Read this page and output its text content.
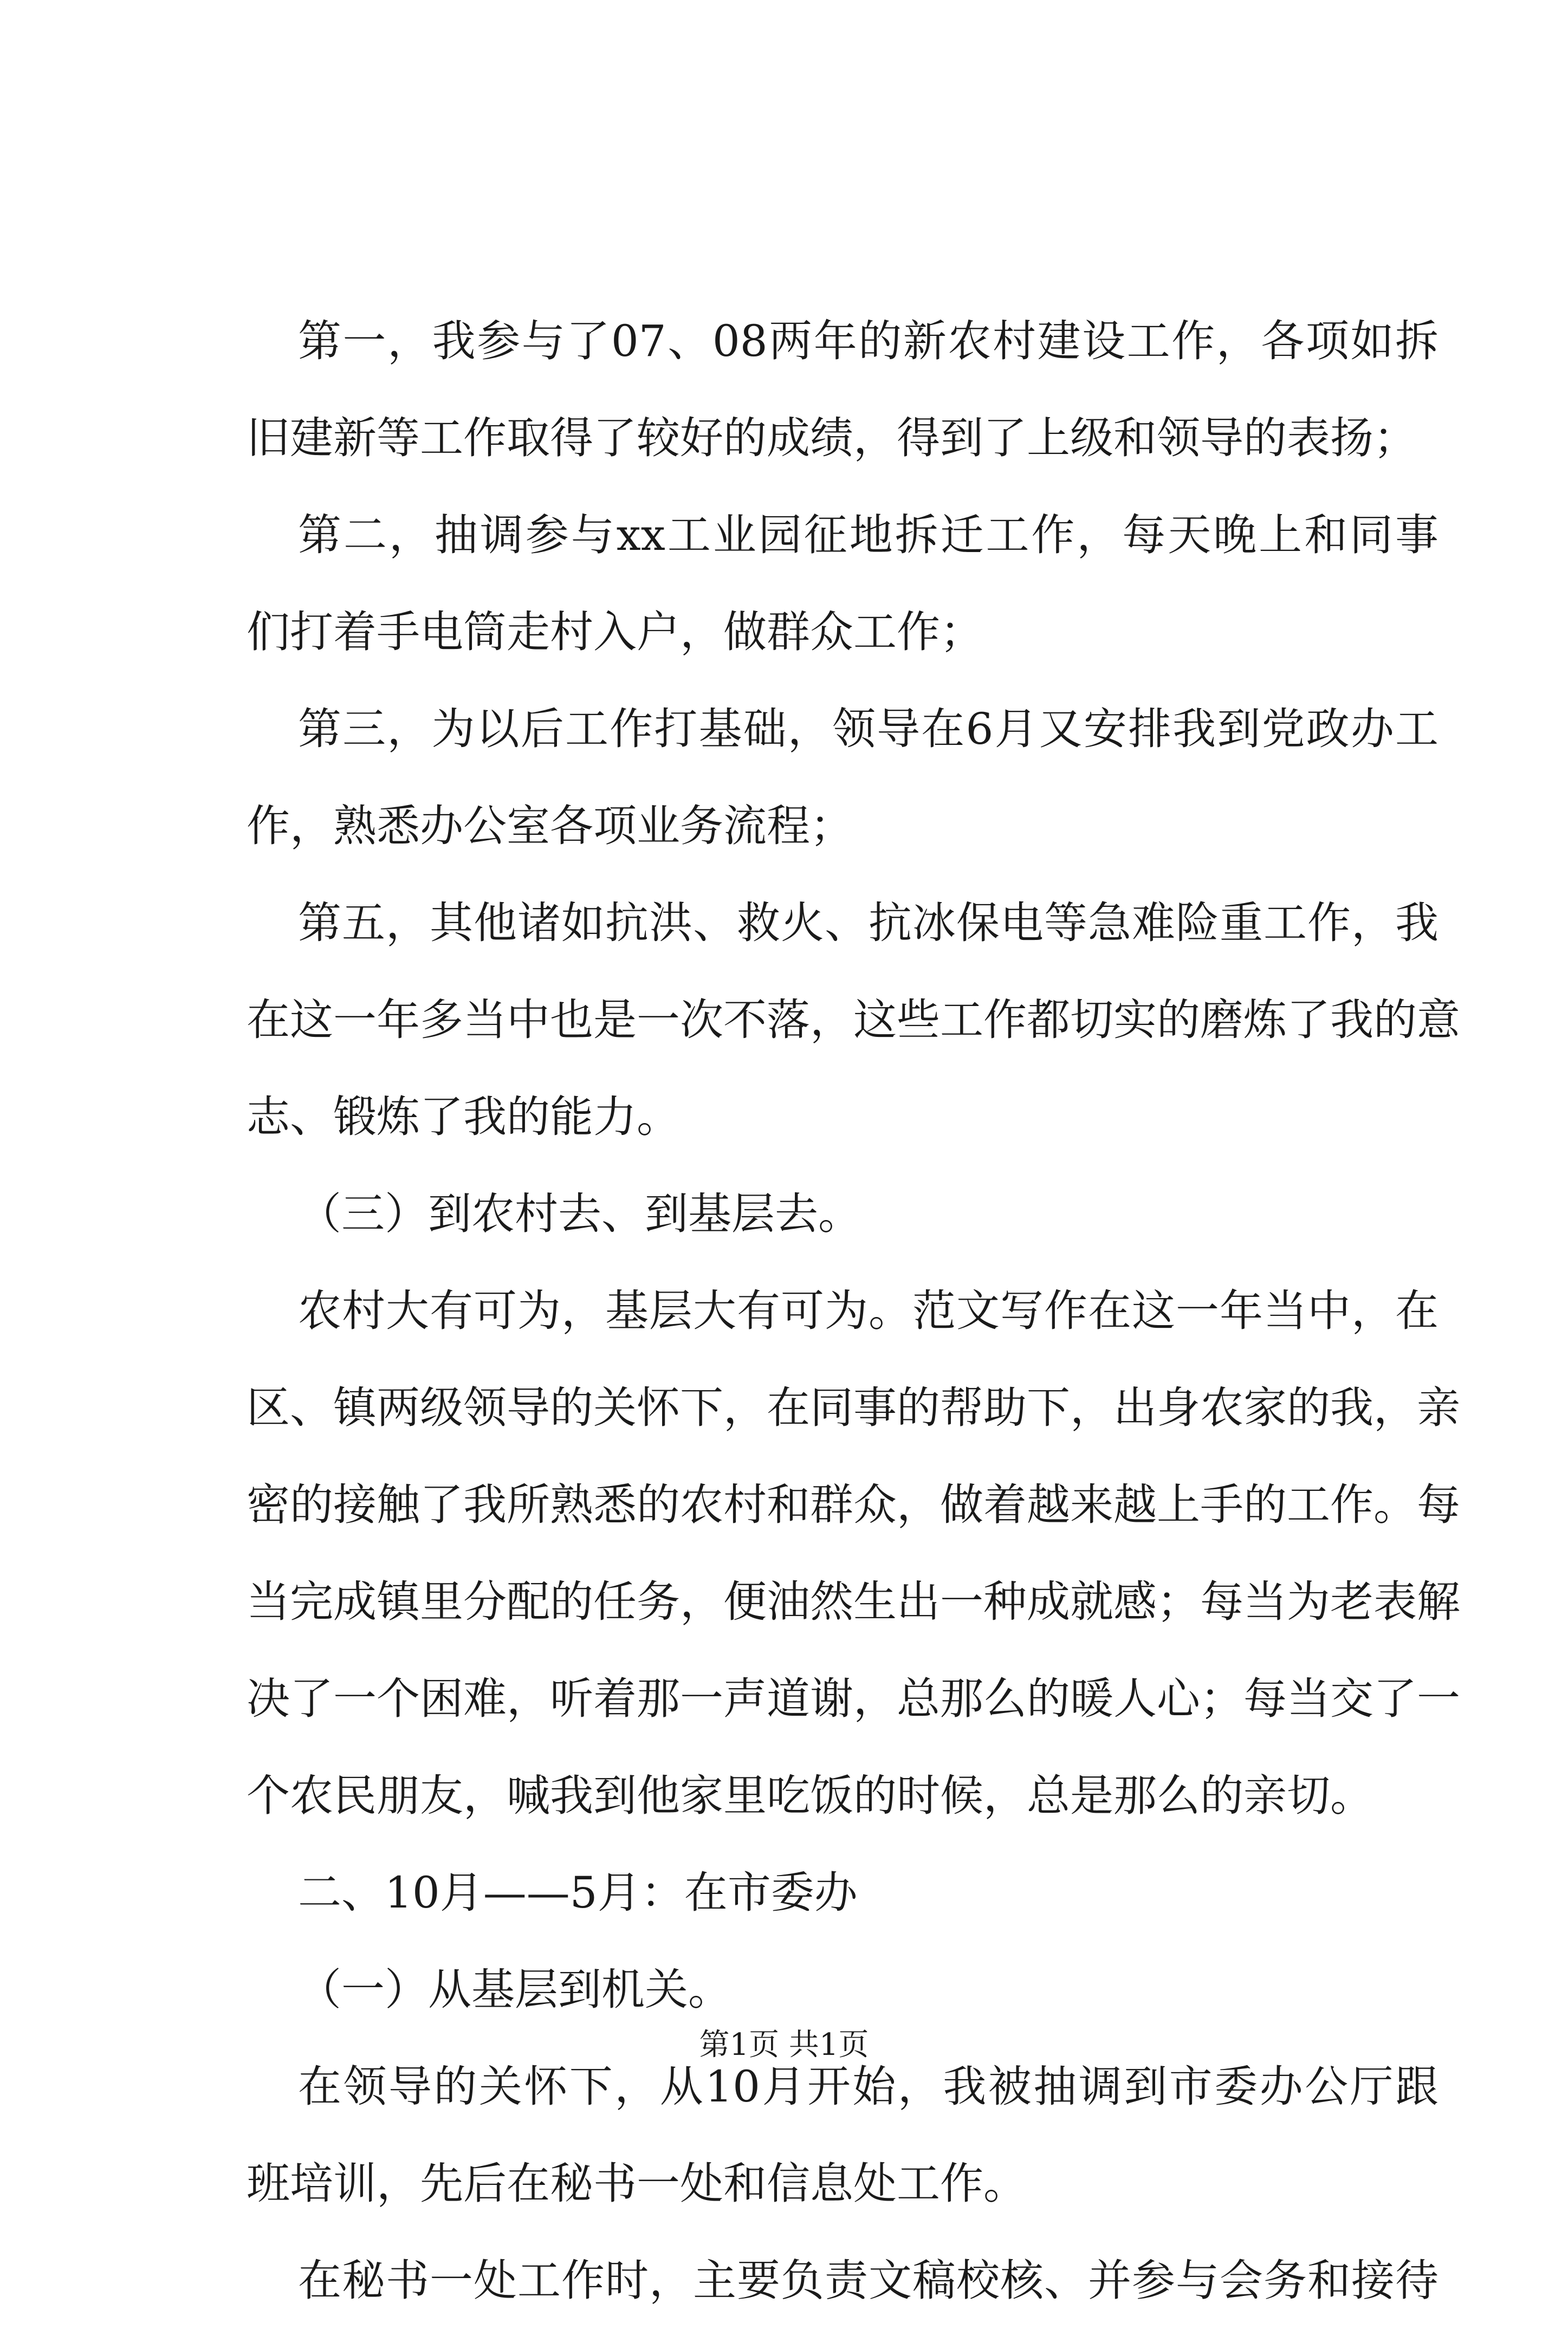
第一，我参与了07、08两年的新农村建设工作，各项如拆
旧建新等工作取得了较好的成绩，得到了上级和领导的表扬；
第二，抽调参与xx工业园征地拆迁工作，每天晚上和同事
们打着手电筒走村入户，做群众工作；
第三，为以后工作打基础，领导在6月又安排我到党政办工
作，熟悉办公室各项业务流程；
第五，其他诸如抗洪、救火、抗冰保电等急难险重工作，我
在这一年多当中也是一次不落，这些工作都切实的磨炼了我的意
志、锻炼了我的能力。
（三）到农村去、到基层去。
农村大有可为，基层大有可为。范文写作在这一年当中，在
区、镇两级领导的关怀下，在同事的帮助下，出身农家的我，亲
密的接触了我所熟悉的农村和群众，做着越来越上手的工作。每
当完成镇里分配的任务，便油然生出一种成就感；每当为老表解
决了一个困难，听着那一声道谢，总那么的暖人心；每当交了一
个农民朋友，喊我到他家里吃饭的时候，总是那么的亲切。
二、10月——5月：在市委办
（一）从基层到机关。
在领导的关怀下，从10月开始，我被抽调到市委办公厅跟
班培训，先后在秘书一处和信息处工作。
在秘书一处工作时，主要负责文稿校核、并参与会务和接待
第1页 共1页
